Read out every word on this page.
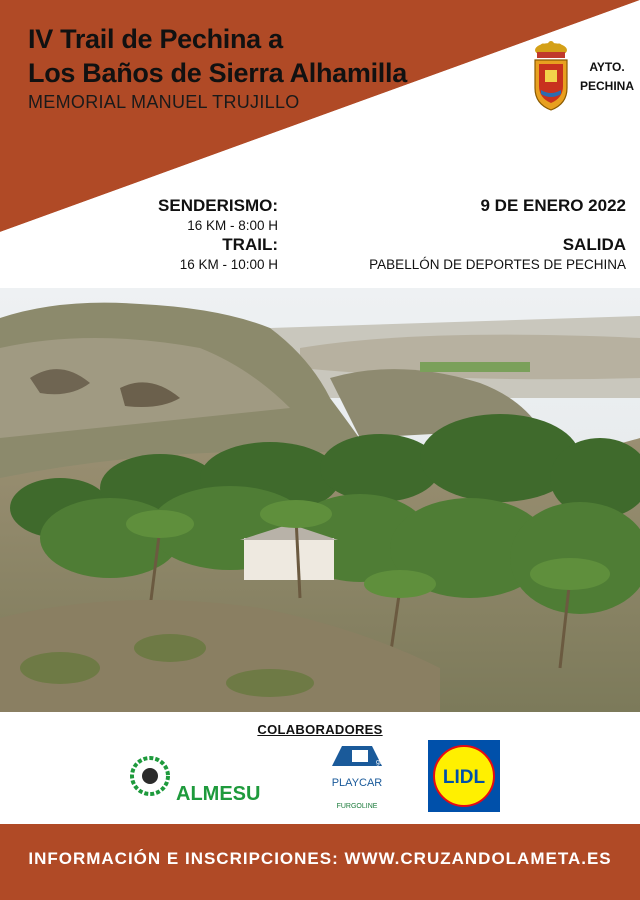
IV Trail de Pechina a
Los Baños de Sierra Alhamilla
MEMORIAL MANUEL TRUJILLO
AYTO.
PECHINA
SENDERISMO:
16 KM - 8:00 H
TRAIL:
16 KM - 10:00 H
9 DE ENERO 2022

SALIDA
PABELLÓN DE DEPORTES DE PECHINA
COLABORADORES
ALMESU
grupo
PLAYCAR
FURGOLINE
LIDL
INFORMACIÓN E INSCRIPCIONES: WWW.CRUZANDOLAMETA.ES
